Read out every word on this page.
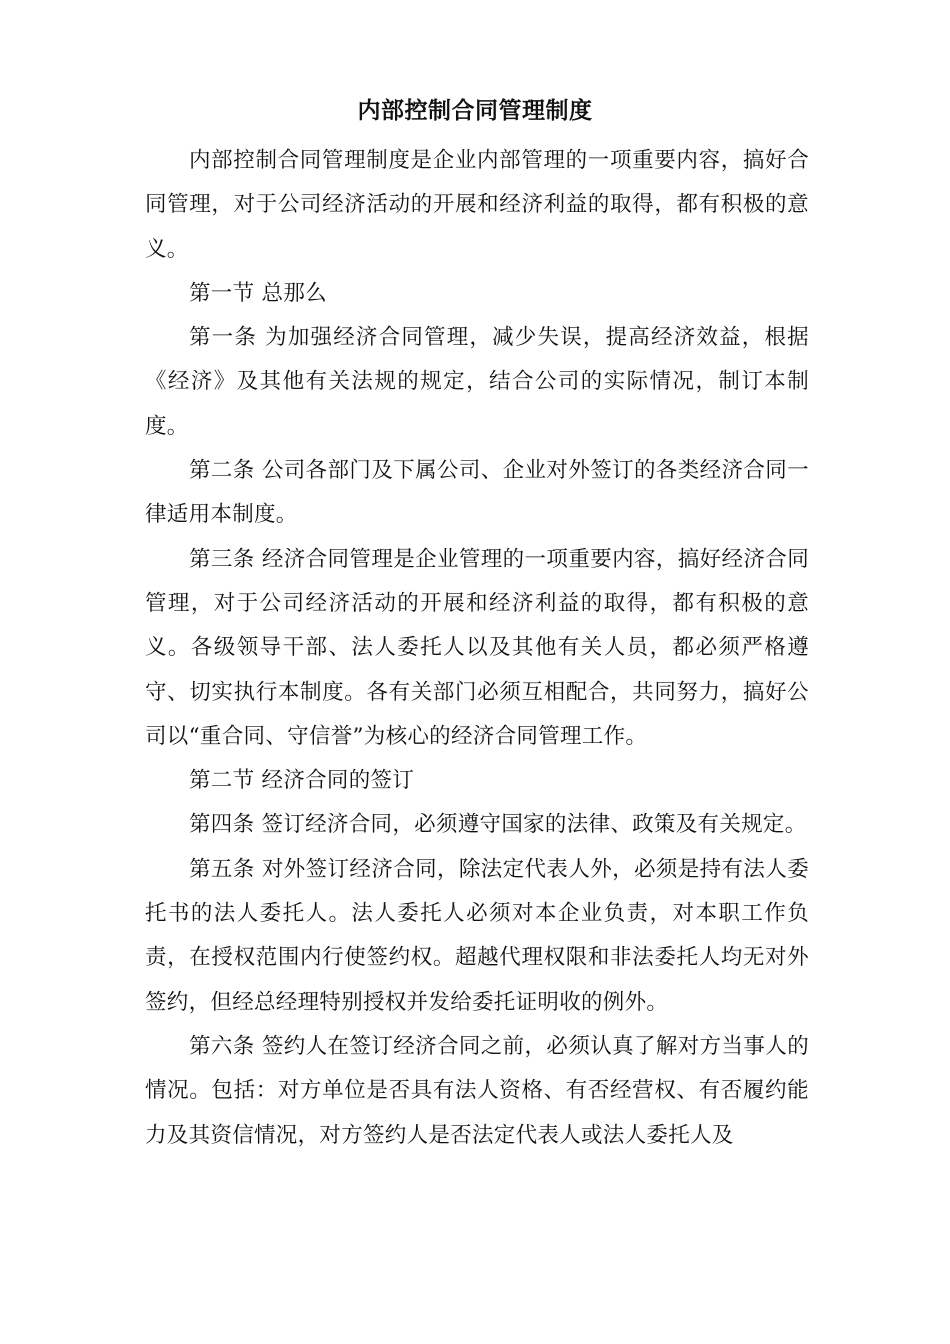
内部控制合同管理制度

内部控制合同管理制度是企业内部管理的一项重要内容，搞好合同管理，对于公司经济活动的开展和经济利益的取得，都有积极的意义。

第一节 总那么

第一条 为加强经济合同管理，减少失误，提高经济效益，根据《经济》及其他有关法规的规定，结合公司的实际情况，制订本制度。

第二条 公司各部门及下属公司、企业对外签订的各类经济合同一律适用本制度。

第三条 经济合同管理是企业管理的一项重要内容，搞好经济合同管理，对于公司经济活动的开展和经济利益的取得，都有积极的意义。各级领导干部、法人委托人以及其他有关人员，都必须严格遵守、切实执行本制度。各有关部门必须互相配合，共同努力，搞好公司以“重合同、守信誉”为核心的经济合同管理工作。

第二节 经济合同的签订

第四条 签订经济合同，必须遵守国家的法律、政策及有关规定。

第五条 对外签订经济合同，除法定代表人外，必须是持有法人委托书的法人委托人。法人委托人必须对本企业负责，对本职工作负责，在授权范围内行使签约权。超越代理权限和非法委托人均无对外签约，但经总经理特别授权并发给委托证明收的例外。

第六条 签约人在签订经济合同之前，必须认真了解对方当事人的情况。包括：对方单位是否具有法人资格、有否经营权、有否履约能力及其资信情况，对方签约人是否法定代表人或法人委托人及
